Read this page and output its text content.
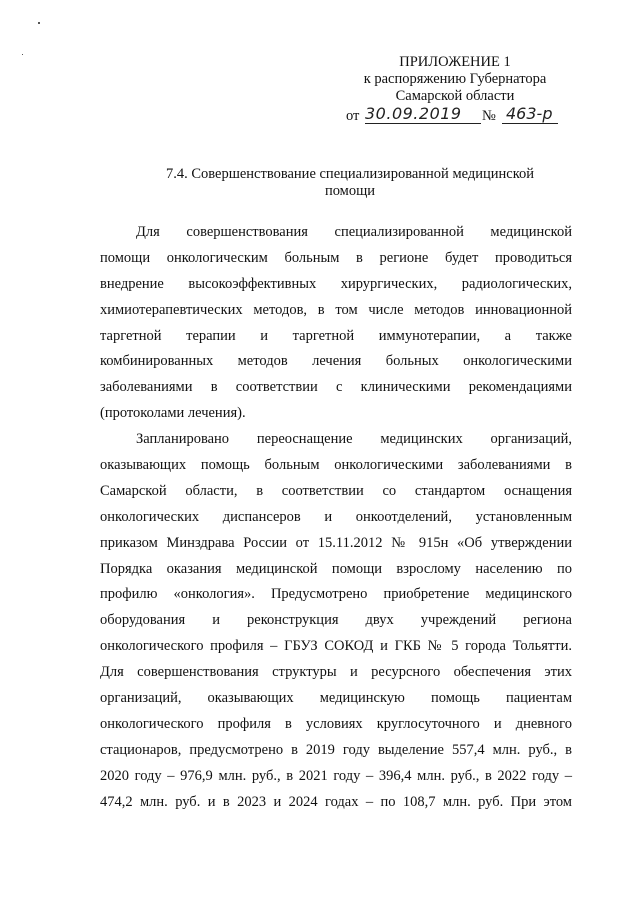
ПРИЛОЖЕНИЕ 1
к распоряжению Губернатора
Самарской области
от 30.09.2019 № 463-р
7.4. Совершенствование специализированной медицинской
помощи
Для совершенствования специализированной медицинской
помощи онкологическим больным в регионе будет проводиться
внедрение высокоэффективных хирургических, радиологических,
химиотерапевтических методов, в том числе методов инновационной
таргетной терапии и таргетной иммунотерапии, а также
комбинированных методов лечения больных онкологическими
заболеваниями в соответствии с клиническими рекомендациями
(протоколами лечения).
Запланировано переоснащение медицинских организаций,
оказывающих помощь больным онкологическими заболеваниями в
Самарской области, в соответствии со стандартом оснащения
онкологических диспансеров и онкоотделений, установленным
приказом Минздрава России от 15.11.2012 № 915н «Об утверждении
Порядка оказания медицинской помощи взрослому населению по
профилю «онкология». Предусмотрено приобретение медицинского
оборудования и реконструкция двух учреждений региона
онкологического профиля – ГБУЗ СОКОД и ГКБ № 5 города Тольятти.
Для совершенствования структуры и ресурсного обеспечения этих
организаций, оказывающих медицинскую помощь пациентам
онкологического профиля в условиях круглосуточного и дневного
стационаров, предусмотрено в 2019 году выделение 557,4 млн. руб., в
2020 году – 976,9 млн. руб., в 2021 году – 396,4 млн. руб., в 2022 году –
474,2 млн. руб. и в 2023 и 2024 годах – по 108,7 млн. руб. При этом
